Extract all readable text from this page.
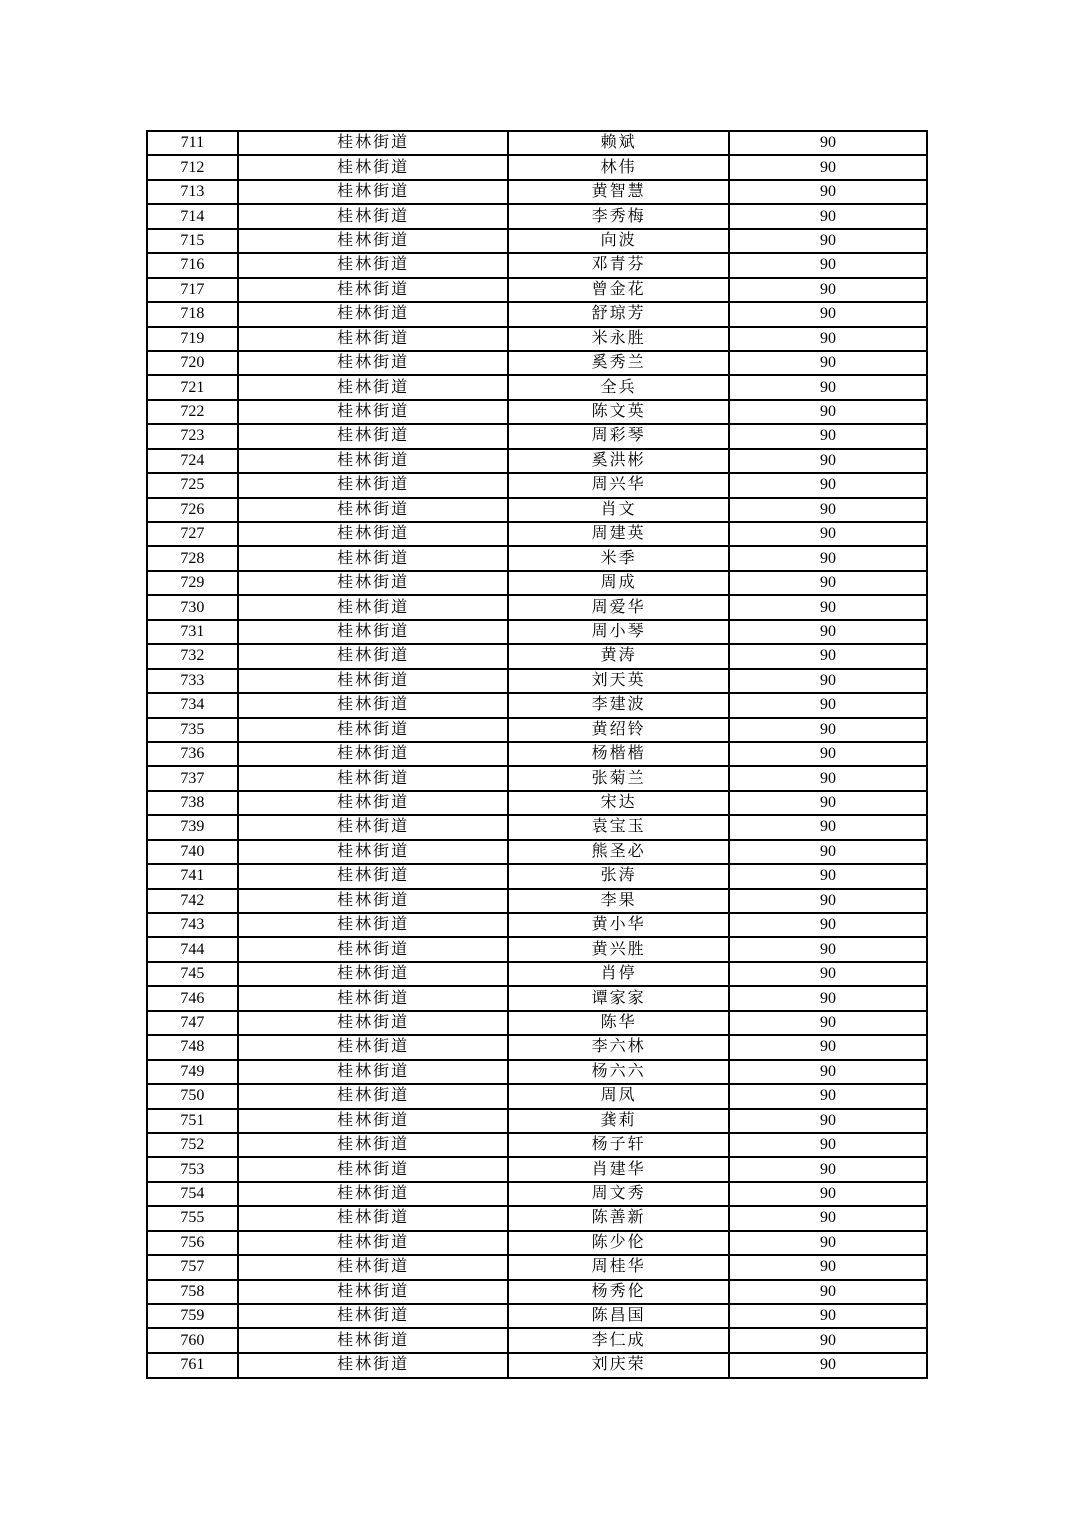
711	桂林街道	赖斌	90
712	桂林街道	林伟	90
713	桂林街道	黄智慧	90
714	桂林街道	李秀梅	90
715	桂林街道	向波	90
716	桂林街道	邓青芬	90
717	桂林街道	曾金花	90
718	桂林街道	舒琼芳	90
719	桂林街道	米永胜	90
720	桂林街道	奚秀兰	90
721	桂林街道	全兵	90
722	桂林街道	陈文英	90
723	桂林街道	周彩琴	90
724	桂林街道	奚洪彬	90
725	桂林街道	周兴华	90
726	桂林街道	肖文	90
727	桂林街道	周建英	90
728	桂林街道	米季	90
729	桂林街道	周成	90
730	桂林街道	周爱华	90
731	桂林街道	周小琴	90
732	桂林街道	黄涛	90
733	桂林街道	刘天英	90
734	桂林街道	李建波	90
735	桂林街道	黄绍铃	90
736	桂林街道	杨楷楷	90
737	桂林街道	张菊兰	90
738	桂林街道	宋达	90
739	桂林街道	袁宝玉	90
740	桂林街道	熊圣必	90
741	桂林街道	张涛	90
742	桂林街道	李果	90
743	桂林街道	黄小华	90
744	桂林街道	黄兴胜	90
745	桂林街道	肖停	90
746	桂林街道	谭家家	90
747	桂林街道	陈华	90
748	桂林街道	李六林	90
749	桂林街道	杨六六	90
750	桂林街道	周凤	90
751	桂林街道	龚莉	90
752	桂林街道	杨子轩	90
753	桂林街道	肖建华	90
754	桂林街道	周文秀	90
755	桂林街道	陈善新	90
756	桂林街道	陈少伦	90
757	桂林街道	周桂华	90
758	桂林街道	杨秀伦	90
759	桂林街道	陈昌国	90
760	桂林街道	李仁成	90
761	桂林街道	刘庆荣	90
